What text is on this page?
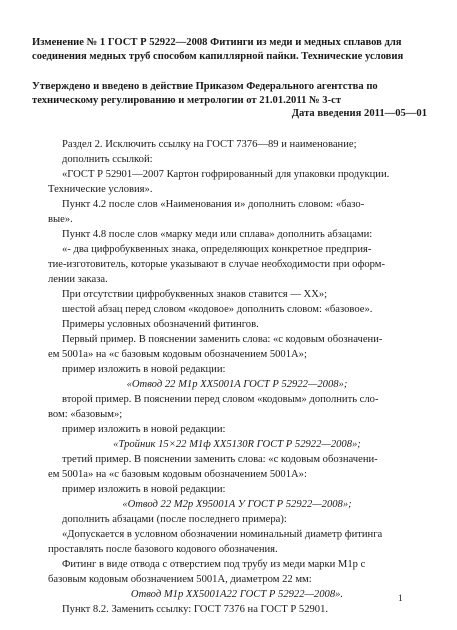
Изменение № 1 ГОСТ Р 52922—2008 Фитинги из меди и медных сплавов для соединения медных труб способом капиллярной пайки. Технические условия
Утверждено и введено в действие Приказом Федерального агентства по техническому регулированию и метрологии от 21.01.2011 № 3-ст
Дата введения 2011—05—01

Раздел 2. Исключить ссылку на ГОСТ 7376—89 и наименование;

дополнить ссылкой:

«ГОСТ Р 52901—2007 Картон гофрированный для упаковки продукции.

Технические условия».

Пункт 4.2 после слов «Наименования и» дополнить словом: «базо-

вые».

Пункт 4.8 после слов «марку меди или сплава» дополнить абзацами:

«- два цифробуквенных знака, определяющих конкретное предприя-

тие-изготовитель, которые указывают в случае необходимости при оформ-

лении заказа.

При отсутствии цифробуквенных знаков ставится — XX»;

шестой абзац перед словом «кодовое» дополнить словом: «базовое».

Примеры условных обозначений фитингов.

Первый пример. В пояснении заменить слова: «с кодовым обозначени-

ем 5001a» на «с базовым кодовым обозначением 5001A»;

пример изложить в новой редакции:

«Отвод 22 М1р XX5001A ГОСТ Р 52922—2008»;

второй пример. В пояснении перед словом «кодовым» дополнить сло-

вом: «базовым»;

пример изложить в новой редакции:

«Тройник 15×22 М1ф XX5130R ГОСТ Р 52922—2008»;

третий пример. В пояснении заменить слова: «с кодовым обозначени-

ем 5001a» на «с базовым кодовым обозначением 5001A»:

пример изложить в новой редакции:

«Отвод 22 М2р X95001A У ГОСТ Р 52922—2008»;

дополнить абзацами (после последнего примера):

«Допускается в условном обозначении номинальный диаметр фитинга

проставлять после базового кодового обозначения.

Фитинг в виде отвода с отверстием под трубу из меди марки М1р с

базовым кодовым обозначением 5001A, диаметром 22 мм:

Отвод М1р XX5001A22 ГОСТ Р 52922—2008».

Пункт 8.2. Заменить ссылку: ГОСТ 7376 на ГОСТ Р 52901.

1
